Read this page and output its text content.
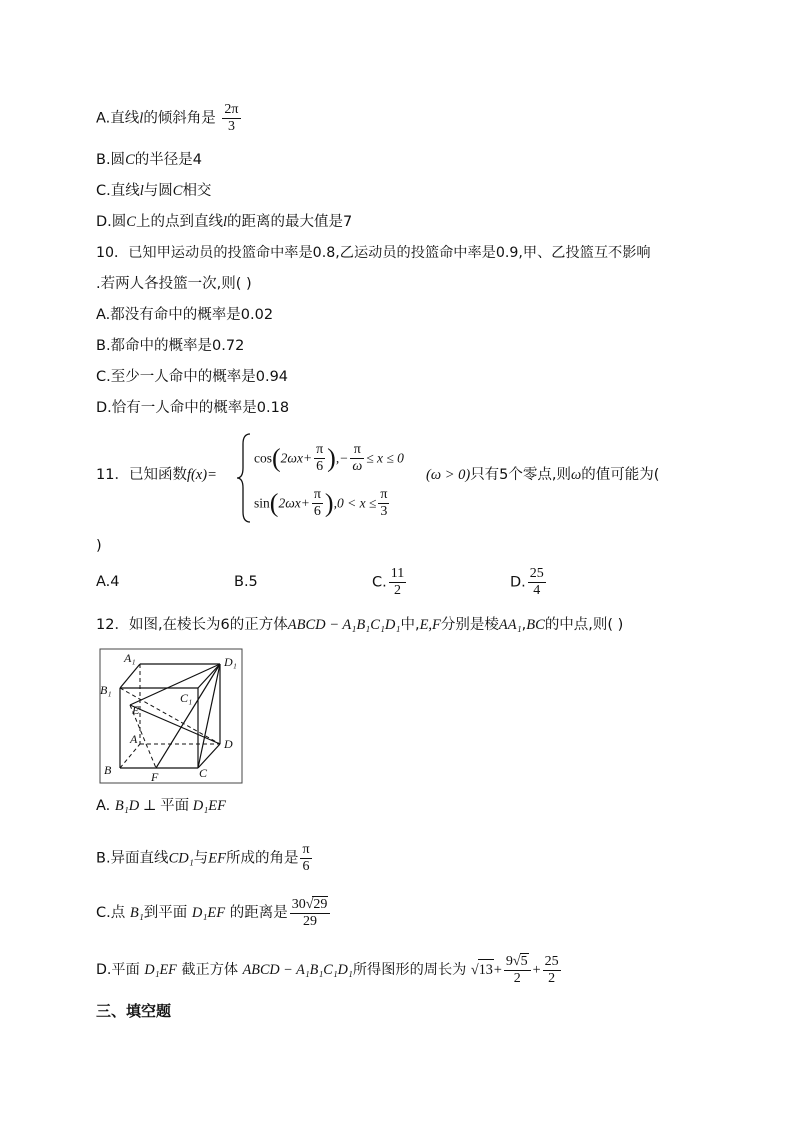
A.直线l的倾斜角是 $\frac{2\pi}{3}$
B.圆C的半径是4
C.直线l与圆C相交
D.圆C上的点到直线l的距离的最大值是7
10．已知甲运动员的投篮命中率是0.8,乙运动员的投篮命中率是0.9,甲、乙投篮互不影响
.若两人各投篮一次,则( )
A.都没有命中的概率是0.02
B.都命中的概率是0.72
C.至少一人命中的概率是0.94
D.恰有一人命中的概率是0.18
11．已知函数f(x)=
$\cos(2\omega x+ \frac{\pi}{6}$ ),− $\frac{\pi}{\omega} \le x \le 0$
$\sin(2\omega x+ \frac{\pi}{6} ),0 < x \le \frac{\pi}{3}$
(ω > 0)只有5个零点,则ω的值可能为(
)
A.4	B.5	C. $\frac{11}{2}$	D. $\frac{25}{4}$
12．如图,在棱长为6的正方体ABCD − A₁B₁C₁D₁中,E,F分别是棱AA₁,BC的中点,则( )
A₁	D₁
B₁
C₁
E
A	D
B	F	C
A. B₁D ⊥ 平面 D₁EF
B.异面直线CD₁与EF所成的角是 $\frac{\pi}{6}$
C.点 B₁到平面 D₁EF 的距离是 $\frac{30√29}{29}$
D.平面 D₁EF 截正方体 ABCD − A₁B₁C₁D₁所得图形的周长为 $√13+ \frac{9√5}{2} + \frac{25}{2}$
三、填空题
